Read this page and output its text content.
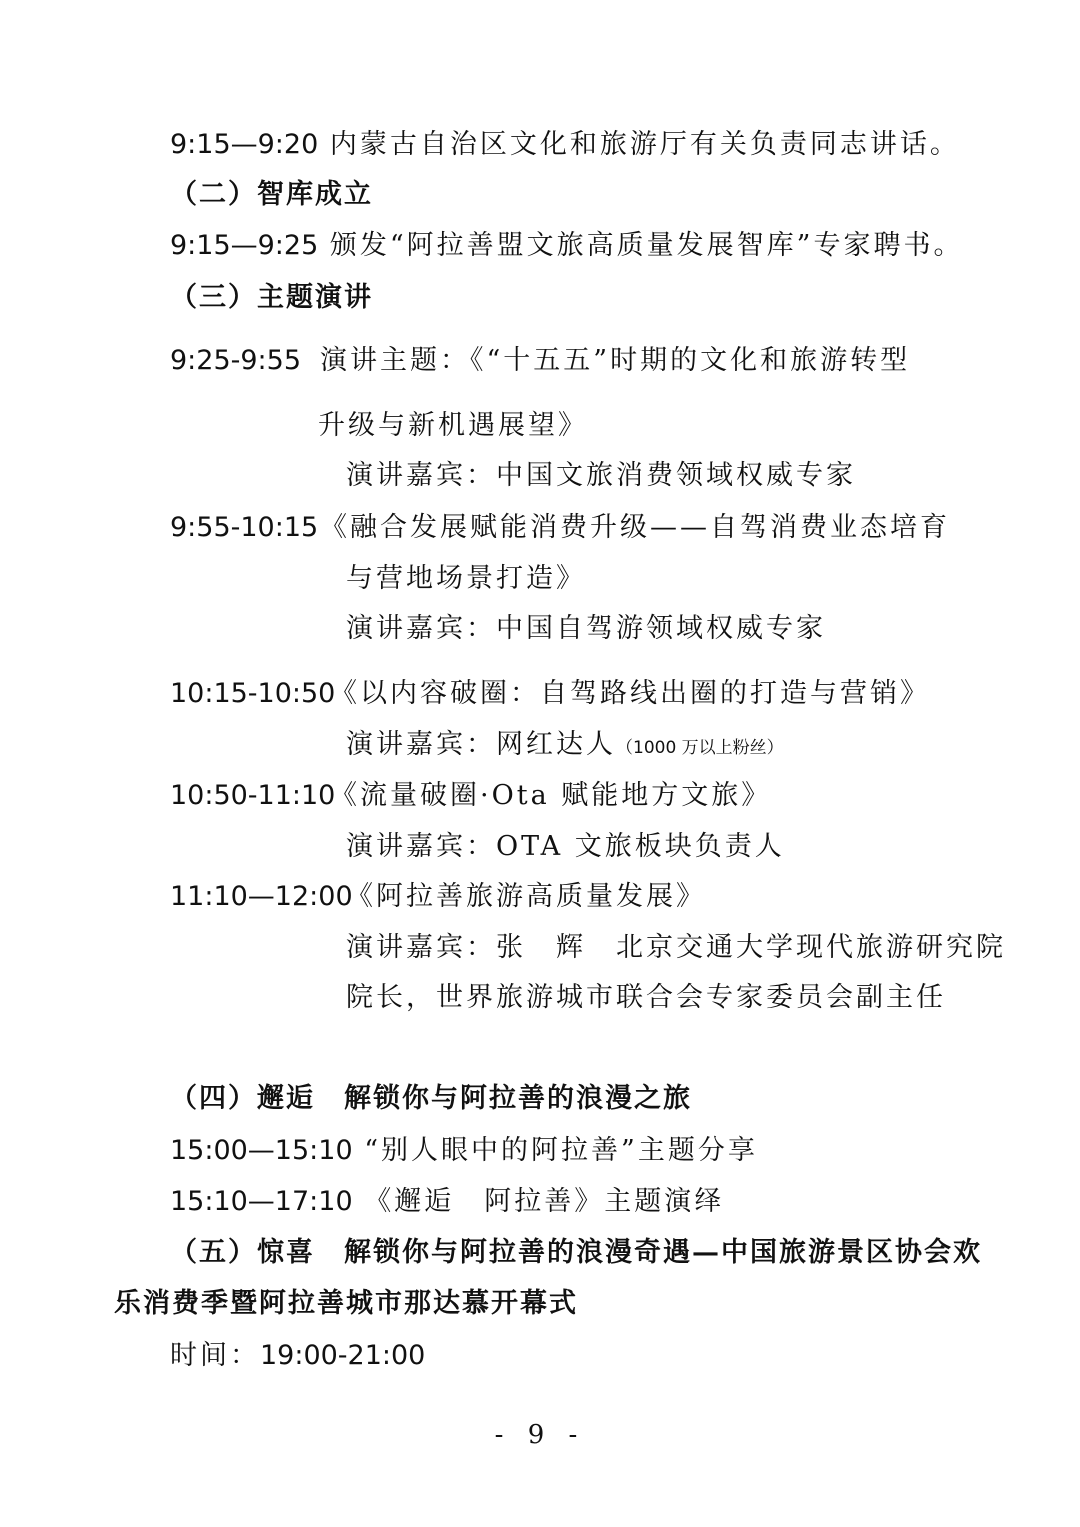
9:15—9:20 内蒙古自治区文化和旅游厅有关负责同志讲话。

（二）智库成立

9:15—9:25 颁发“阿拉善盟文旅高质量发展智库”专家聘书。

（三）主题演讲

9:25-9:55 演讲主题：《“十五五”时期的文化和旅游转型

升级与新机遇展望》

演讲嘉宾：中国文旅消费领域权威专家

9:55-10:15 《融合发展赋能消费升级——自驾消费业态培育

与营地场景打造》

演讲嘉宾：中国自驾游领域权威专家

10:15-10:50

《以内容破圈：自驾路线出圈的打造与营销》

演讲嘉宾：网红达人（1000 万以上粉丝）

10:50-11:10

《流量破圈·Ota 赋能地方文旅》

演讲嘉宾：OTA 文旅板块负责人

11:10—12:00

《阿拉善旅游高质量发展》

演讲嘉宾：张　辉　北京交通大学现代旅游研究院

院长，世界旅游城市联合会专家委员会副主任

（四）邂逅　解锁你与阿拉善的浪漫之旅

15:00—15:10 “别人眼中的阿拉善”主题分享

15:10—17:10 《邂逅　阿拉善》主题演绎

（五）惊喜　解锁你与阿拉善的浪漫奇遇—中国旅游景区协会欢

乐消费季暨阿拉善城市那达慕开幕式

时间：19:00-21:00

- 9 -
